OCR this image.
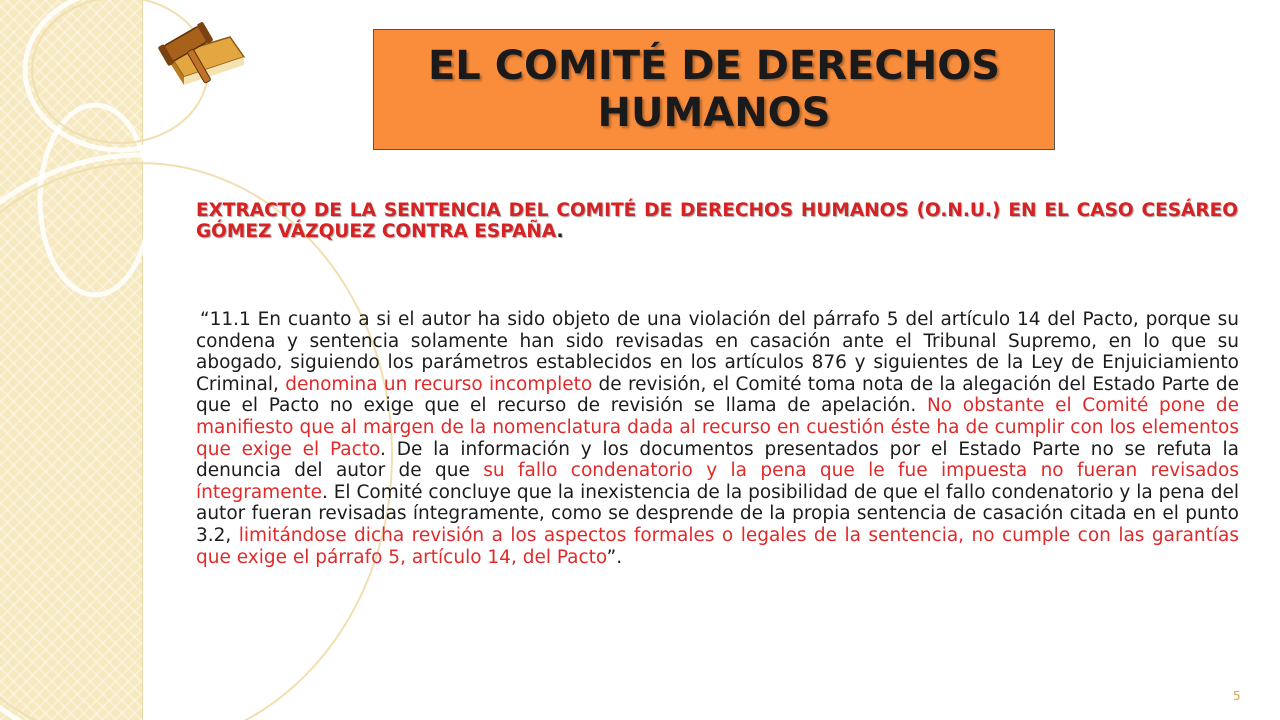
EL COMITÉ DE DERECHOS HUMANOS
EXTRACTO DE LA SENTENCIA DEL COMITÉ DE DERECHOS HUMANOS (O.N.U.) EN EL CASO CESÁREO GÓMEZ VÁZQUEZ CONTRA ESPAÑA.
“11.1 En cuanto a si el autor ha sido objeto de una violación del párrafo 5 del artículo 14 del Pacto, porque su condena y sentencia solamente han sido revisadas en casación ante el Tribunal Supremo, en lo que su abogado, siguiendo los parámetros establecidos en los artículos 876 y siguientes de la Ley de Enjuiciamiento Criminal, denomina un recurso incompleto de revisión, el Comité toma nota de la alegación del Estado Parte de que el Pacto no exige que el recurso de revisión se llama de apelación. No obstante el Comité pone de manifiesto que al margen de la nomenclatura dada al recurso en cuestión éste ha de cumplir con los elementos que exige el Pacto. De la información y los documentos presentados por el Estado Parte no se refuta la denuncia del autor de que su fallo condenatorio y la pena que le fue impuesta no fueran revisados íntegramente. El Comité concluye que la inexistencia de la posibilidad de que el fallo condenatorio y la pena del autor fueran revisadas íntegramente, como se desprende de la propia sentencia de casación citada en el punto 3.2, limitándose dicha revisión a los aspectos formales o legales de la sentencia, no cumple con las garantías que exige el párrafo 5, artículo 14, del Pacto”.
5
